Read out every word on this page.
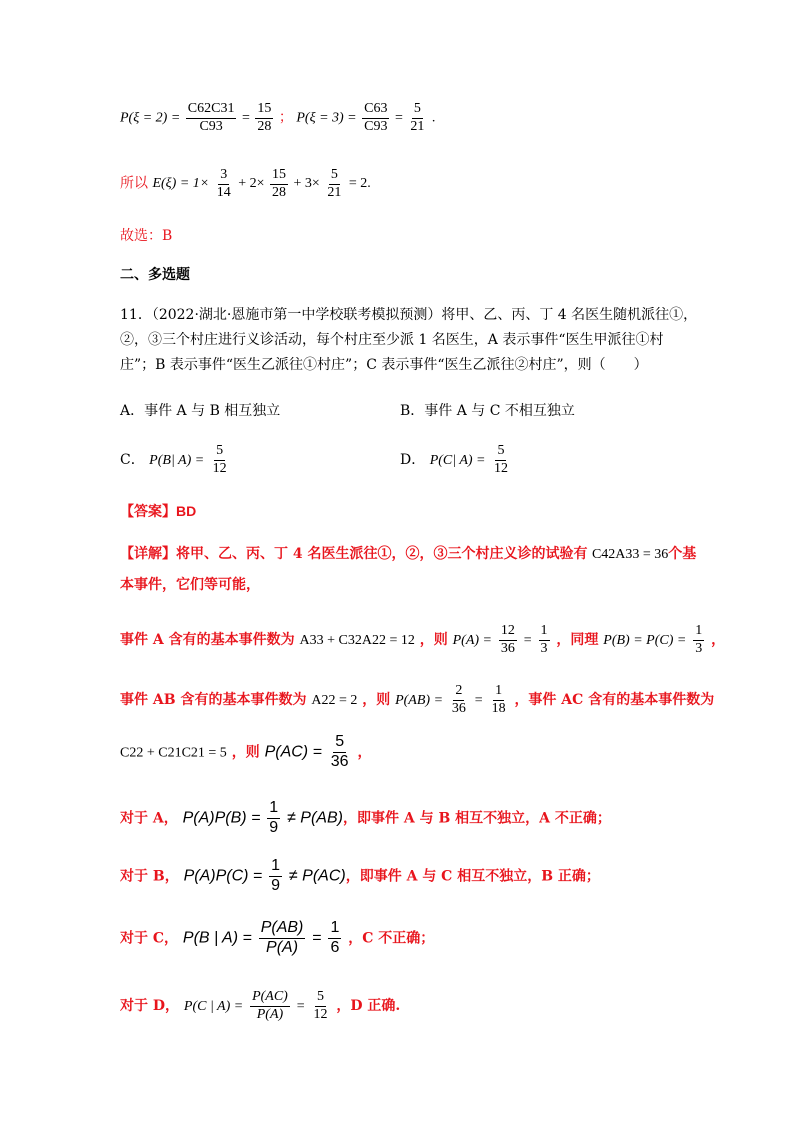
$P(\xi = 2) = \frac{C62C31}{C93} = \frac{15}{28}$ ； $P(\xi = 3) = \frac{C63}{C93} = \frac{5}{21}$ .
所以 $E(\xi) = 1\times \frac{3}{14} + 2\times \frac{15}{28} + 3\times \frac{5}{21} = 2$.
故选：B
二、多选题
11．（2022·湖北·恩施市第一中学校联考模拟预测）将甲、乙、丙、丁 4 名医生随机派往①，
②，③三个村庄进行义诊活动，每个村庄至少派 1 名医生，A 表示事件“医生甲派往①村
庄”；B 表示事件“医生乙派往①村庄”；C 表示事件“医生乙派往②村庄”，则（　　）
A．事件 A 与 B 相互独立	B．事件 A 与 C 不相互独立
C． P(B| $A) = \frac{5}{12}$	D． P(C| $A) = \frac{5}{12}$
【答案】BD
【详解】将甲、乙、丙、丁 4 名医生派往①，②，③三个村庄义诊的试验有 C42A33 = 36个基
本事件，它们等可能，
事件 A 含有的基本事件数为 A33 + C32A22 = 12 ，则 $P(A) = \frac{12}{36} = \frac{1}{3}$ ，同理 $P(B) = P(C) = \frac{1}{3}$ ，
事件 AB 含有的基本事件数为 A22 = 2 ，则 $P(AB) = \frac{2}{36} = \frac{1}{18}$ ，事件 AC 含有的基本事件数为
C22 + C21C21 = 5 ，则 $P(AC) = \frac{5}{36}$ ，
对于 A， $P(A)P(B) = \frac{1}{9} \ne P(AB)$，即事件 A 与 B 相互不独立，A 不正确；
对于 B， $P(A)P(C) = \frac{1}{9} \ne P(AC)$，即事件 A 与 C 相互不独立，B 正确；
对于 C， P(B | $A) = \frac{P(AB)}{P(A)} = \frac{1}{6}$ ，C 不正确；
对于 D， P(C | $A) = \frac{P(AC)}{P(A)} = \frac{5}{12}$ ，D 正确.
